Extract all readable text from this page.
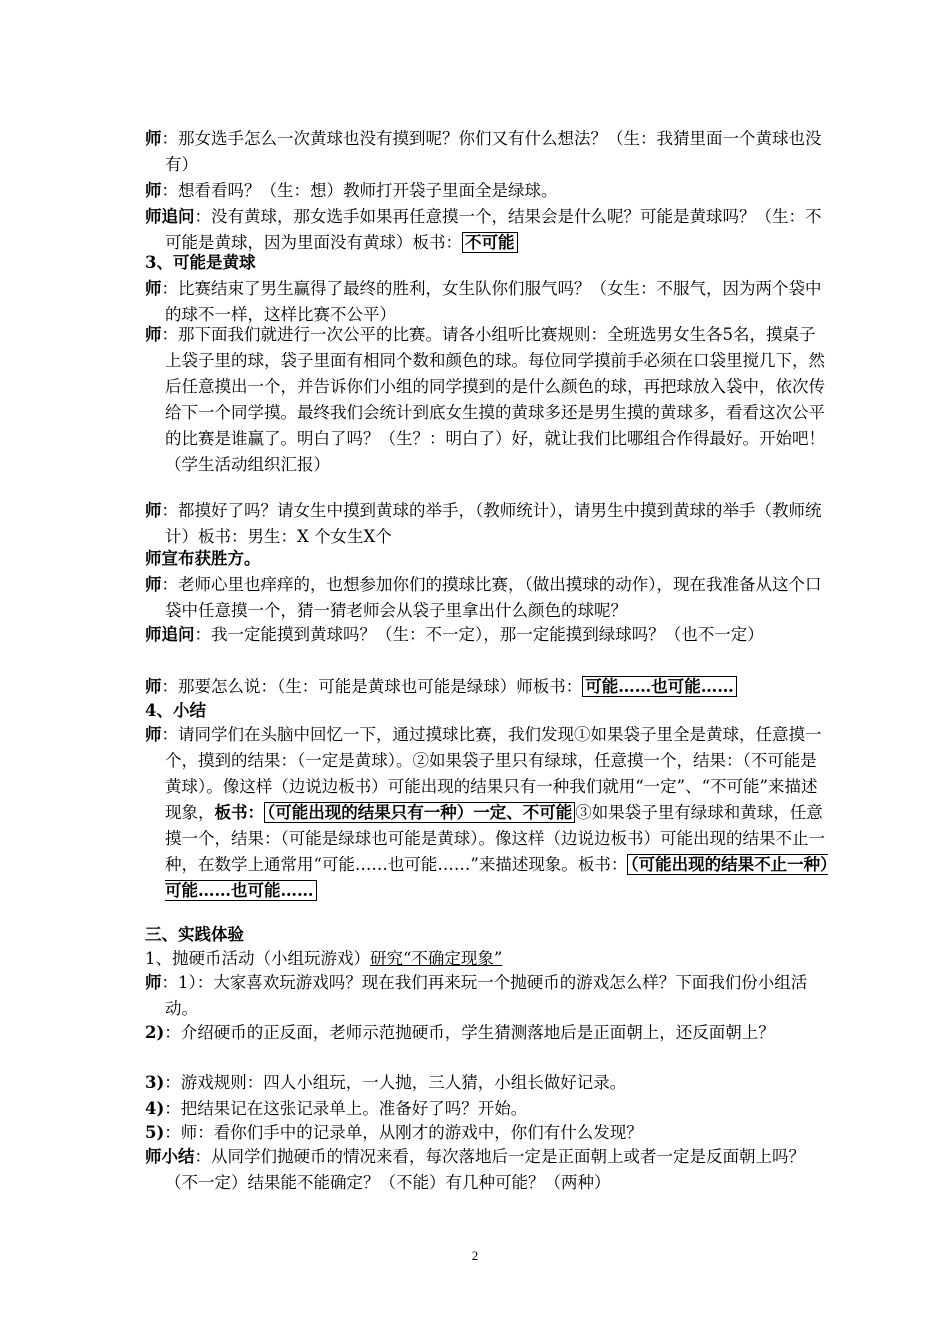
师：那女选手怎么一次黄球也没有摸到呢？你们又有什么想法？（生：我猜里面一个黄球也没有）

师：想看看吗？（生：想）教师打开袋子里面全是绿球。

师追问：没有黄球，那女选手如果再任意摸一个，结果会是什么呢？可能是黄球吗？（生：不可能是黄球，因为里面没有黄球）板书： 不可能

3、可能是黄球

师：比赛结束了男生赢得了最终的胜利，女生队你们服气吗？（女生：不服气，因为两个袋中的球不一样，这样比赛不公平）

师：那下面我们就进行一次公平的比赛。请各小组听比赛规则：全班选男女生各5名，摸桌子上袋子里的球，袋子里面有相同个数和颜色的球。每位同学摸前手必须在口袋里搅几下，然后任意摸出一个，并告诉你们小组的同学摸到的是什么颜色的球，再把球放入袋中，依次传给下一个同学摸。最终我们会统计到底女生摸的黄球多还是男生摸的黄球多，看看这次公平的比赛是谁赢了。明白了吗？（生？：明白了）好，就让我们比哪组合作得最好。开始吧！（学生活动组织汇报）

师：都摸好了吗？请女生中摸到黄球的举手，（教师统计），请男生中摸到黄球的举手（教师统计）板书：男生：X 个女生X个

师宣布获胜方。

师：老师心里也痒痒的，也想参加你们的摸球比赛，（做出摸球的动作），现在我准备从这个口袋中任意摸一个，猜一猜老师会从袋子里拿出什么颜色的球呢？

师追问：我一定能摸到黄球吗？（生：不一定），那一定能摸到绿球吗？（也不一定）

师：那要怎么说：（生：可能是黄球也可能是绿球）师板书： 可能……也可能……

4、小结

师：请同学们在头脑中回忆一下，通过摸球比赛，我们发现①如果袋子里全是黄球，任意摸一个，摸到的结果：（一定是黄球）。②如果袋子里只有绿球，任意摸一个，结果：（不可能是黄球）。像这样（边说边板书）可能出现的结果只有一种我们就用“一定”、“不可能”来描述现象，板书： （可能出现的结果只有一种）一定、不可能 ③如果袋子里有绿球和黄球，任意摸一个，结果：（可能是绿球也可能是黄球）。像这样（边说边板书）可能出现的结果不止一种，在数学上通常用“可能……也可能……”来描述现象。板书： （可能出现的结果不止一种）可能……也可能……

三、实践体验

1、抛硬币活动（小组玩游戏）研究“不确定现象”

师：1）：大家喜欢玩游戏吗？现在我们再来玩一个抛硬币的游戏怎么样？下面我们份小组活动。

2)：介绍硬币的正反面，老师示范抛硬币，学生猜测落地后是正面朝上，还反面朝上？

3)：游戏规则：四人小组玩，一人抛，三人猜，小组长做好记录。

4)：把结果记在这张记录单上。准备好了吗？开始。

5)：师：看你们手中的记录单，从刚才的游戏中，你们有什么发现？

师小结：从同学们抛硬币的情况来看，每次落地后一定是正面朝上或者一定是反面朝上吗？（不一定）结果能不能确定？（不能）有几种可能？（两种）

2
